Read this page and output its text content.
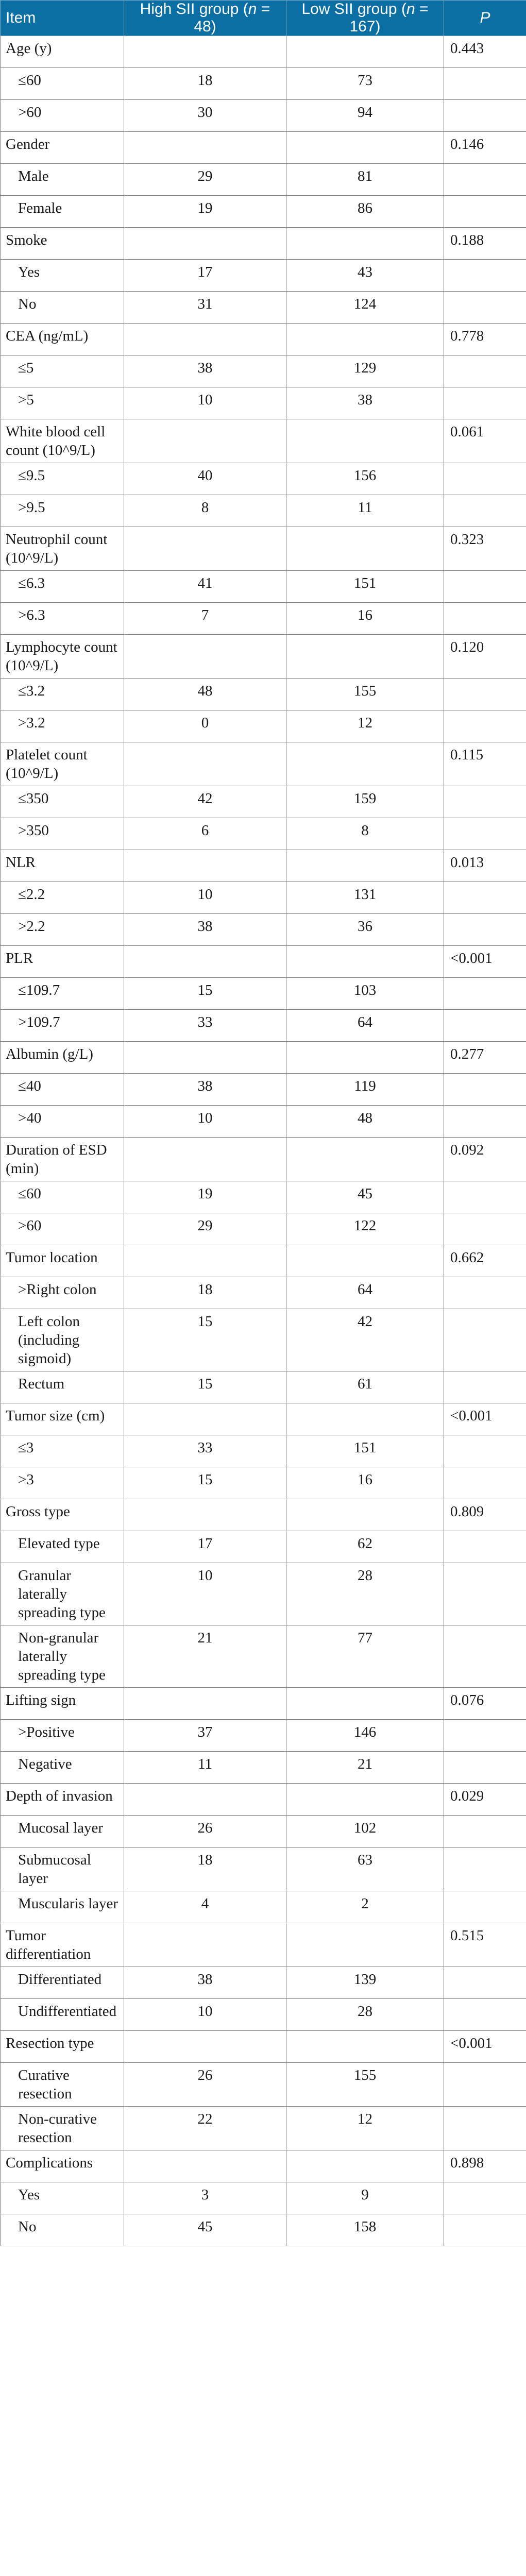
Item	High SII group (n = 48)	Low SII group (n = 167)	P
Age (y)			0.443
≤60	18	73	
>60	30	94	
Gender			0.146
Male	29	81	
Female	19	86	
Smoke			0.188
Yes	17	43	
No	31	124	
CEA (ng/mL)			0.778
≤5	38	129	
>5	10	38	
White blood cell count (10^9/L)			0.061
≤9.5	40	156	
>9.5	8	11	
Neutrophil count (10^9/L)			0.323
≤6.3	41	151	
>6.3	7	16	
Lymphocyte count (10^9/L)			0.120
≤3.2	48	155	
>3.2	0	12	
Platelet count (10^9/L)			0.115
≤350	42	159	
>350	6	8	
NLR			0.013
≤2.2	10	131	
>2.2	38	36	
PLR			<0.001
≤109.7	15	103	
>109.7	33	64	
Albumin (g/L)			0.277
≤40	38	119	
>40	10	48	
Duration of ESD (min)			0.092
≤60	19	45	
>60	29	122	
Tumor location			0.662
>Right colon	18	64	
Left colon (including sigmoid)	15	42	
Rectum	15	61	
Tumor size (cm)			<0.001
≤3	33	151	
>3	15	16	
Gross type			0.809
Elevated type	17	62	
Granular laterally spreading type	10	28	
Non-granular laterally spreading type	21	77	
Lifting sign			0.076
>Positive	37	146	
Negative	11	21	
Depth of invasion			0.029
Mucosal layer	26	102	
Submucosal layer	18	63	
Muscularis layer	4	2	
Tumor differentiation			0.515
Differentiated	38	139	
Undifferentiated	10	28	
Resection type			<0.001
Curative resection	26	155	
Non-curative resection	22	12	
Complications			0.898
Yes	3	9	
No	45	158	
